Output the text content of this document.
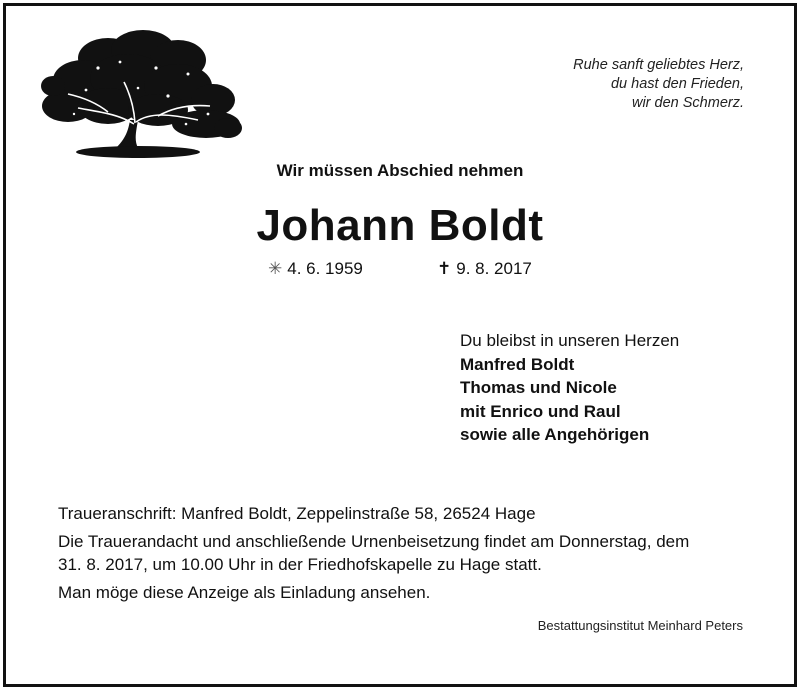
Ruhe sanft geliebtes Herz,
du hast den Frieden,
wir den Schmerz.
Wir müssen Abschied nehmen
Johann Boldt
✳ 4. 6. 1959	✝ 9. 8. 2017
Du bleibst in unseren Herzen
Manfred Boldt
Thomas und Nicole
mit Enrico und Raul
sowie alle Angehörigen

Traueranschrift: Manfred Boldt, Zeppelinstraße 58, 26524 Hage

Die Trauerandacht und anschließende Urnenbeisetzung findet am Donnerstag, dem

31. 8. 2017, um 10.00 Uhr in der Friedhofskapelle zu Hage statt.

Man möge diese Anzeige als Einladung ansehen.

Bestattungsinstitut Meinhard Peters
